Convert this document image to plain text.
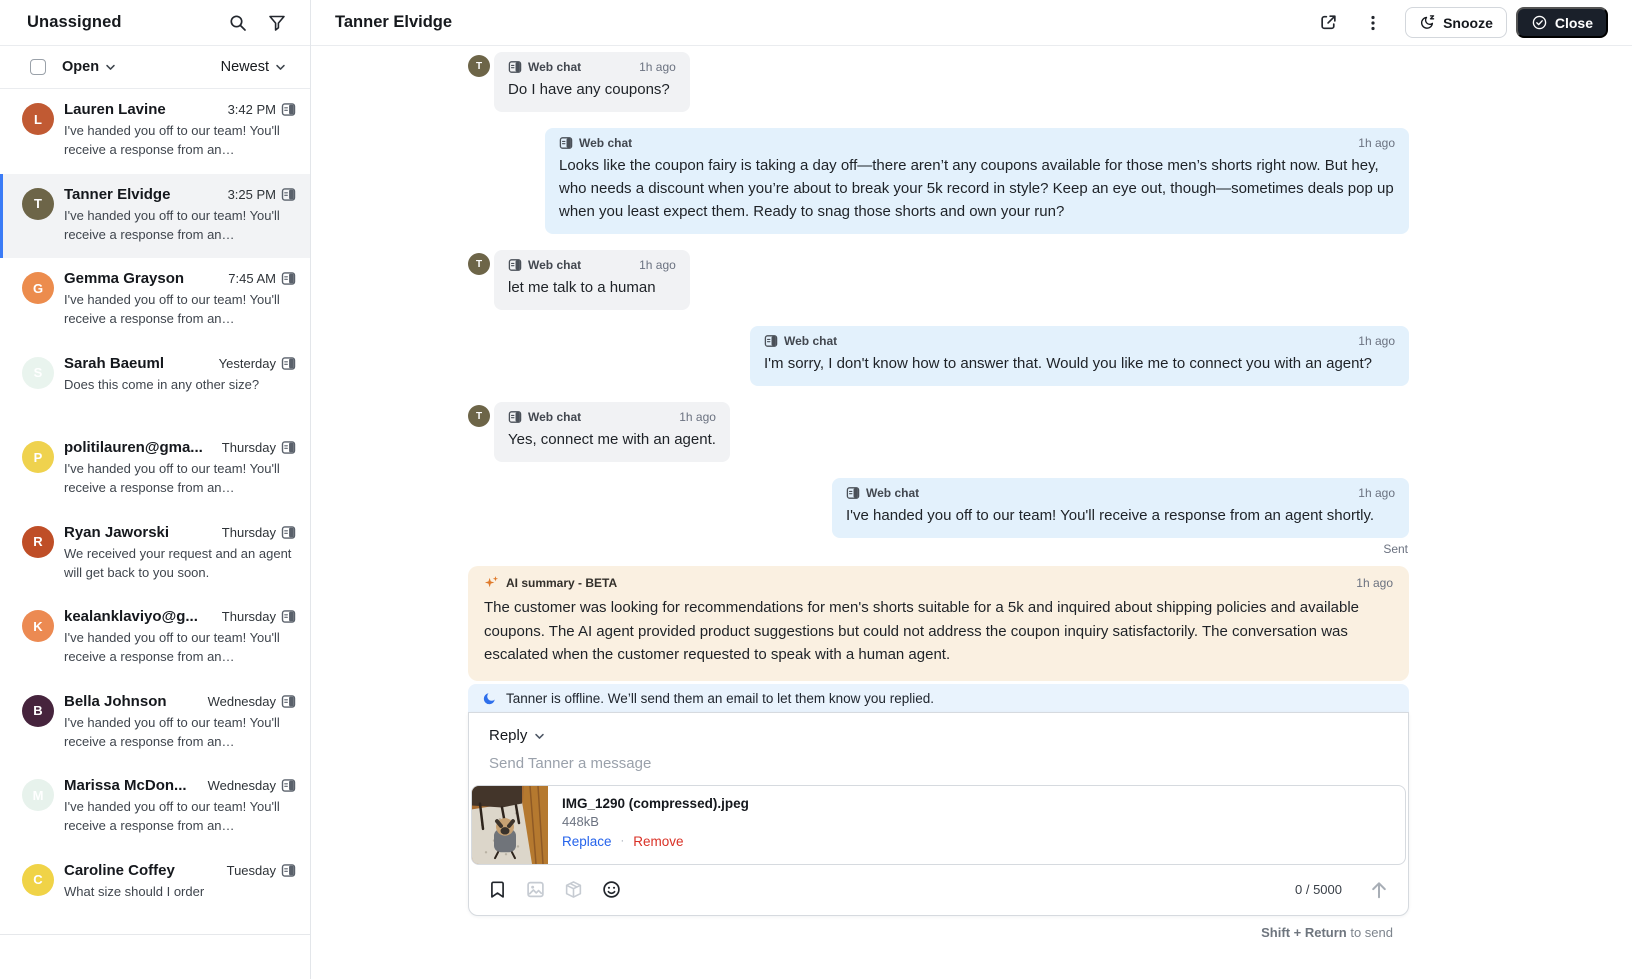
Unassigned
Open	Newest
L
Lauren Lavine	3:42 PM
I've handed you off to our team! You'll receive a response from an…
T
Tanner Elvidge	3:25 PM
I've handed you off to our team! You'll receive a response from an…
G
Gemma Grayson	7:45 AM
I've handed you off to our team! You'll receive a response from an…
S
Sarah Baeuml	Yesterday
Does this come in any other size?
P
politilauren@gma...	Thursday
I've handed you off to our team! You'll receive a response from an…
R
Ryan Jaworski	Thursday
We received your request and an agent will get back to you soon.
K
kealanklaviyo@g...	Thursday
I've handed you off to our team! You'll receive a response from an…
B
Bella Johnson	Wednesday
I've handed you off to our team! You'll receive a response from an…
M
Marissa McDon...	Wednesday
I've handed you off to our team! You'll receive a response from an…
C
Caroline Coffey	Tuesday
What size should I order
Tanner Elvidge	Snooze	Close
T	Web chat	1h ago
Do I have any coupons?
Web chat	1h ago
Looks like the coupon fairy is taking a day off—there aren’t any coupons available for those men’s shorts right now. But hey, who needs a discount when you’re about to break your 5k record in style? Keep an eye out, though—sometimes deals pop up when you least expect them. Ready to snag those shorts and own your run?
T	Web chat	1h ago
let me talk to a human
Web chat	1h ago
I'm sorry, I don't know how to answer that. Would you like me to connect you with an agent?
T	Web chat	1h ago
Yes, connect me with an agent.
Web chat	1h ago
I've handed you off to our team! You'll receive a response from an agent shortly.
Sent
AI summary - BETA	1h ago
The customer was looking for recommendations for men's shorts suitable for a 5k and inquired about shipping policies and available coupons. The AI agent provided product suggestions but could not address the coupon inquiry satisfactorily. The conversation was escalated when the customer requested to speak with a human agent.
Tanner is offline. We’ll send them an email to let them know you replied.
Reply
Send Tanner a message
IMG_1290 (compressed).jpeg
448kB
Replace · Remove
0 / 5000
Shift + Return to send
